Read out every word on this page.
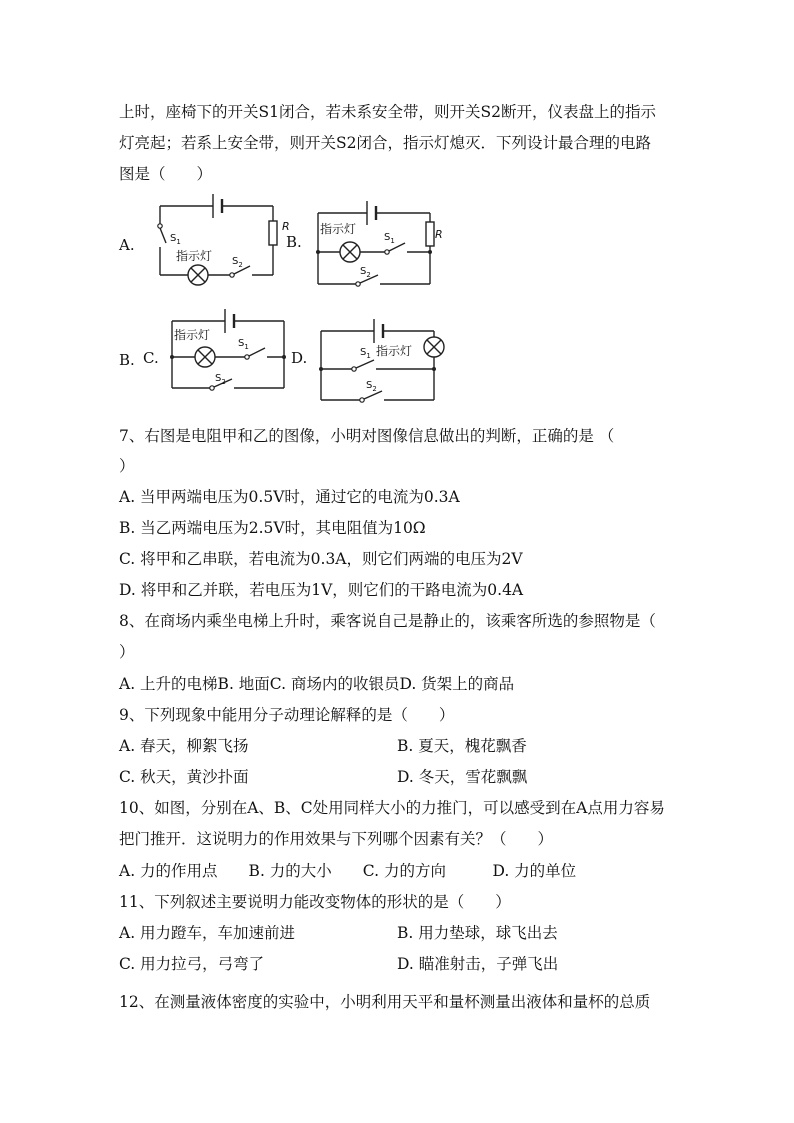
上时，座椅下的开关S1闭合，若未系安全带，则开关S2断开，仪表盘上的指示
灯亮起；若系上安全带，则开关S2闭合，指示灯熄灭．下列设计最合理的电路
图是（　　）
A.	B.
B. C.	D.
$S_1$
R
指示灯 $S_2$
指示灯
$S_1$	R
$S_2$
指示灯
$S_1$
$S_2$
$S_1$ 指示灯
$S_2$
7、右图是电阻甲和乙的图像，小明对图像信息做出的判断，正确的是 （
）
A. 当甲两端电压为0.5V时，通过它的电流为0.3A
B. 当乙两端电压为2.5V时，其电阻值为10Ω
C. 将甲和乙串联，若电流为0.3A，则它们两端的电压为2V
D. 将甲和乙并联，若电压为1V，则它们的干路电流为0.4A
8、在商场内乘坐电梯上升时，乘客说自己是静止的，该乘客所选的参照物是（
）
A. 上升的电梯B. 地面C. 商场内的收银员D. 货架上的商品
9、下列现象中能用分子动理论解释的是（　　）
A. 春天，柳絮飞扬	B. 夏天，槐花飘香
C. 秋天，黄沙扑面	D. 冬天，雪花飘飘
10、如图，分别在A、B、C处用同样大小的力推门，可以感受到在A点用力容易
把门推开．这说明力的作用效果与下列哪个因素有关？（　　）
A. 力的作用点　　B. 力的大小　　C. 力的方向　　　D. 力的单位
11、下列叙述主要说明力能改变物体的形状的是（　　）
A. 用力蹬车，车加速前进	B. 用力垫球，球飞出去
C. 用力拉弓，弓弯了	D. 瞄准射击，子弹飞出
12、在测量液体密度的实验中，小明利用天平和量杯测量出液体和量杯的总质
